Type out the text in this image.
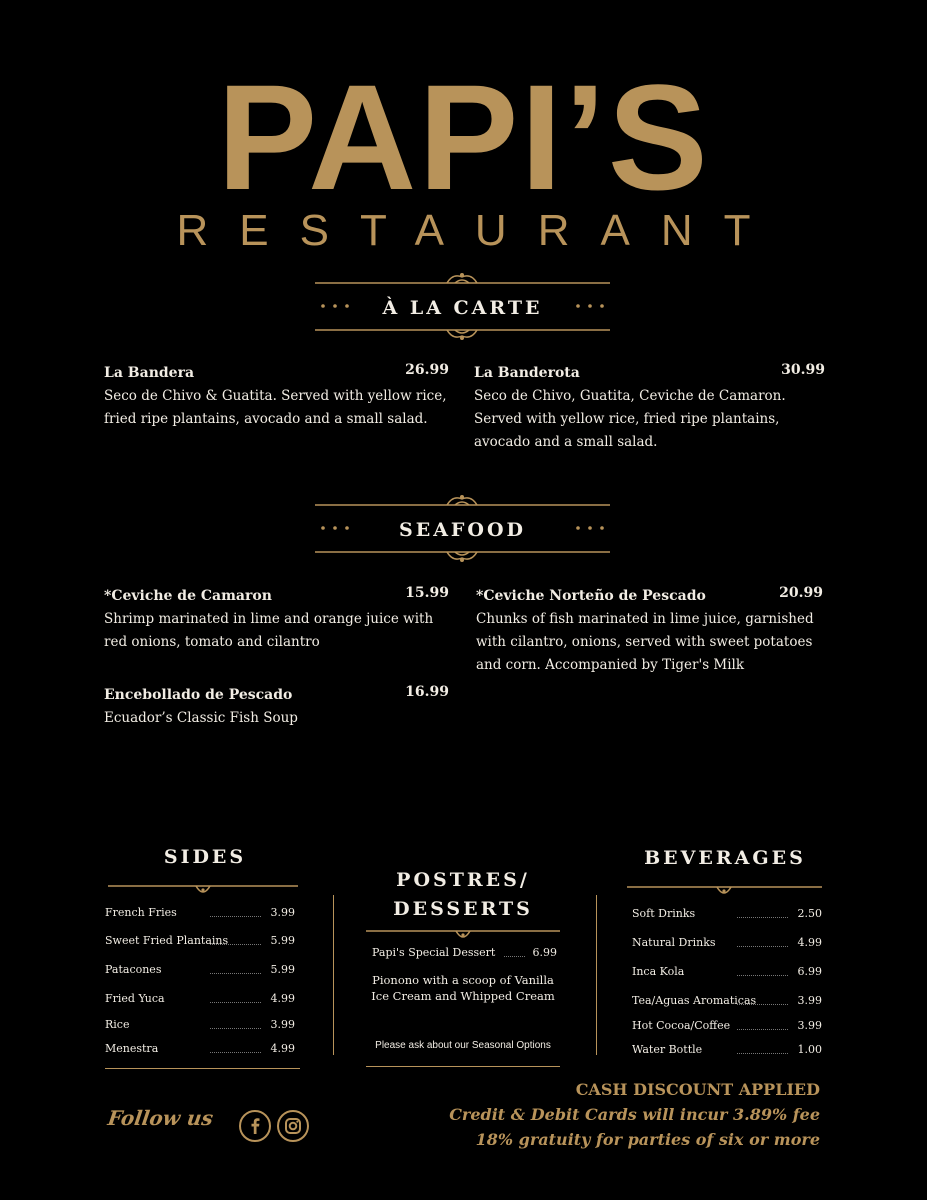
PAPI’S
RESTAURANT
À LA CARTE
La Bandera	26.99
Seco de Chivo & Guatita. Served with yellow rice, fried ripe plantains, avocado and a small salad.
La Banderota	30.99
Seco de Chivo, Guatita, Ceviche de Camaron. Served with yellow rice, fried ripe plantains, avocado and a small salad.
SEAFOOD
*Ceviche de Camaron	15.99
Shrimp marinated in lime and orange juice with red onions, tomato and cilantro
*Ceviche Norteño de Pescado	20.99
Chunks of fish marinated in lime juice, garnished with cilantro, onions, served with sweet potatoes and corn. Accompanied by Tiger's Milk
Encebollado de Pescado	16.99
Ecuador’s Classic Fish Soup
SIDES
French Fries	3.99
Sweet Fried Plantains	5.99
Patacones	5.99
Fried Yuca	4.99
Rice	3.99
Menestra	4.99
POSTRES/
DESSERTS
Papi's Special Dessert	6.99
Pionono with a scoop of Vanilla Ice Cream and Whipped Cream
Please ask about our Seasonal Options
BEVERAGES
Soft Drinks	2.50
Natural Drinks	4.99
Inca Kola	6.99
Tea/Aguas Aromaticas	3.99
Hot Cocoa/Coffee	3.99
Water Bottle	1.00
Follow us
CASH DISCOUNT APPLIED
Credit & Debit Cards will incur 3.89% fee
18% gratuity for parties of six or more
